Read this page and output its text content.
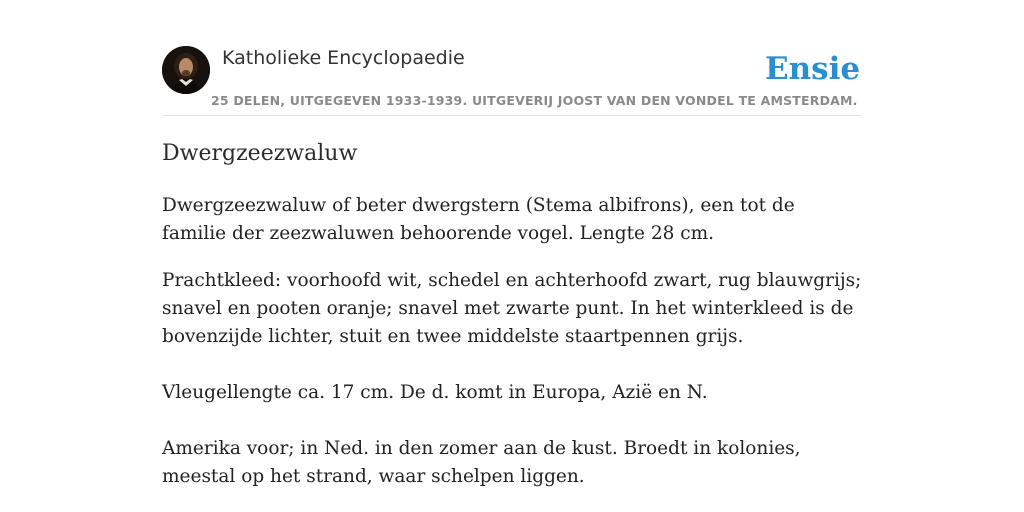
Katholieke Encyclopaedie
25 DELEN, UITGEGEVEN 1933-1939. UITGEVERIJ JOOST VAN DEN VONDEL TE AMSTERDAM.
Ensie
Dwergzeezwaluw

Dwergzeezwaluw of beter dwergstern (Stema albifrons), een tot de familie der zeezwaluwen behoorende vogel. Lengte 28 cm.

Prachtkleed: voorhoofd wit, schedel en achterhoofd zwart, rug blauwgrijs; snavel en pooten oranje; snavel met zwarte punt. In het winterkleed is de bovenzijde lichter, stuit en twee middelste staartpennen grijs.

Vleugellengte ca. 17 cm. De d. komt in Europa, Azië en N.

Amerika voor; in Ned. in den zomer aan de kust. Broedt in kolonies, meestal op het strand, waar schelpen liggen.
